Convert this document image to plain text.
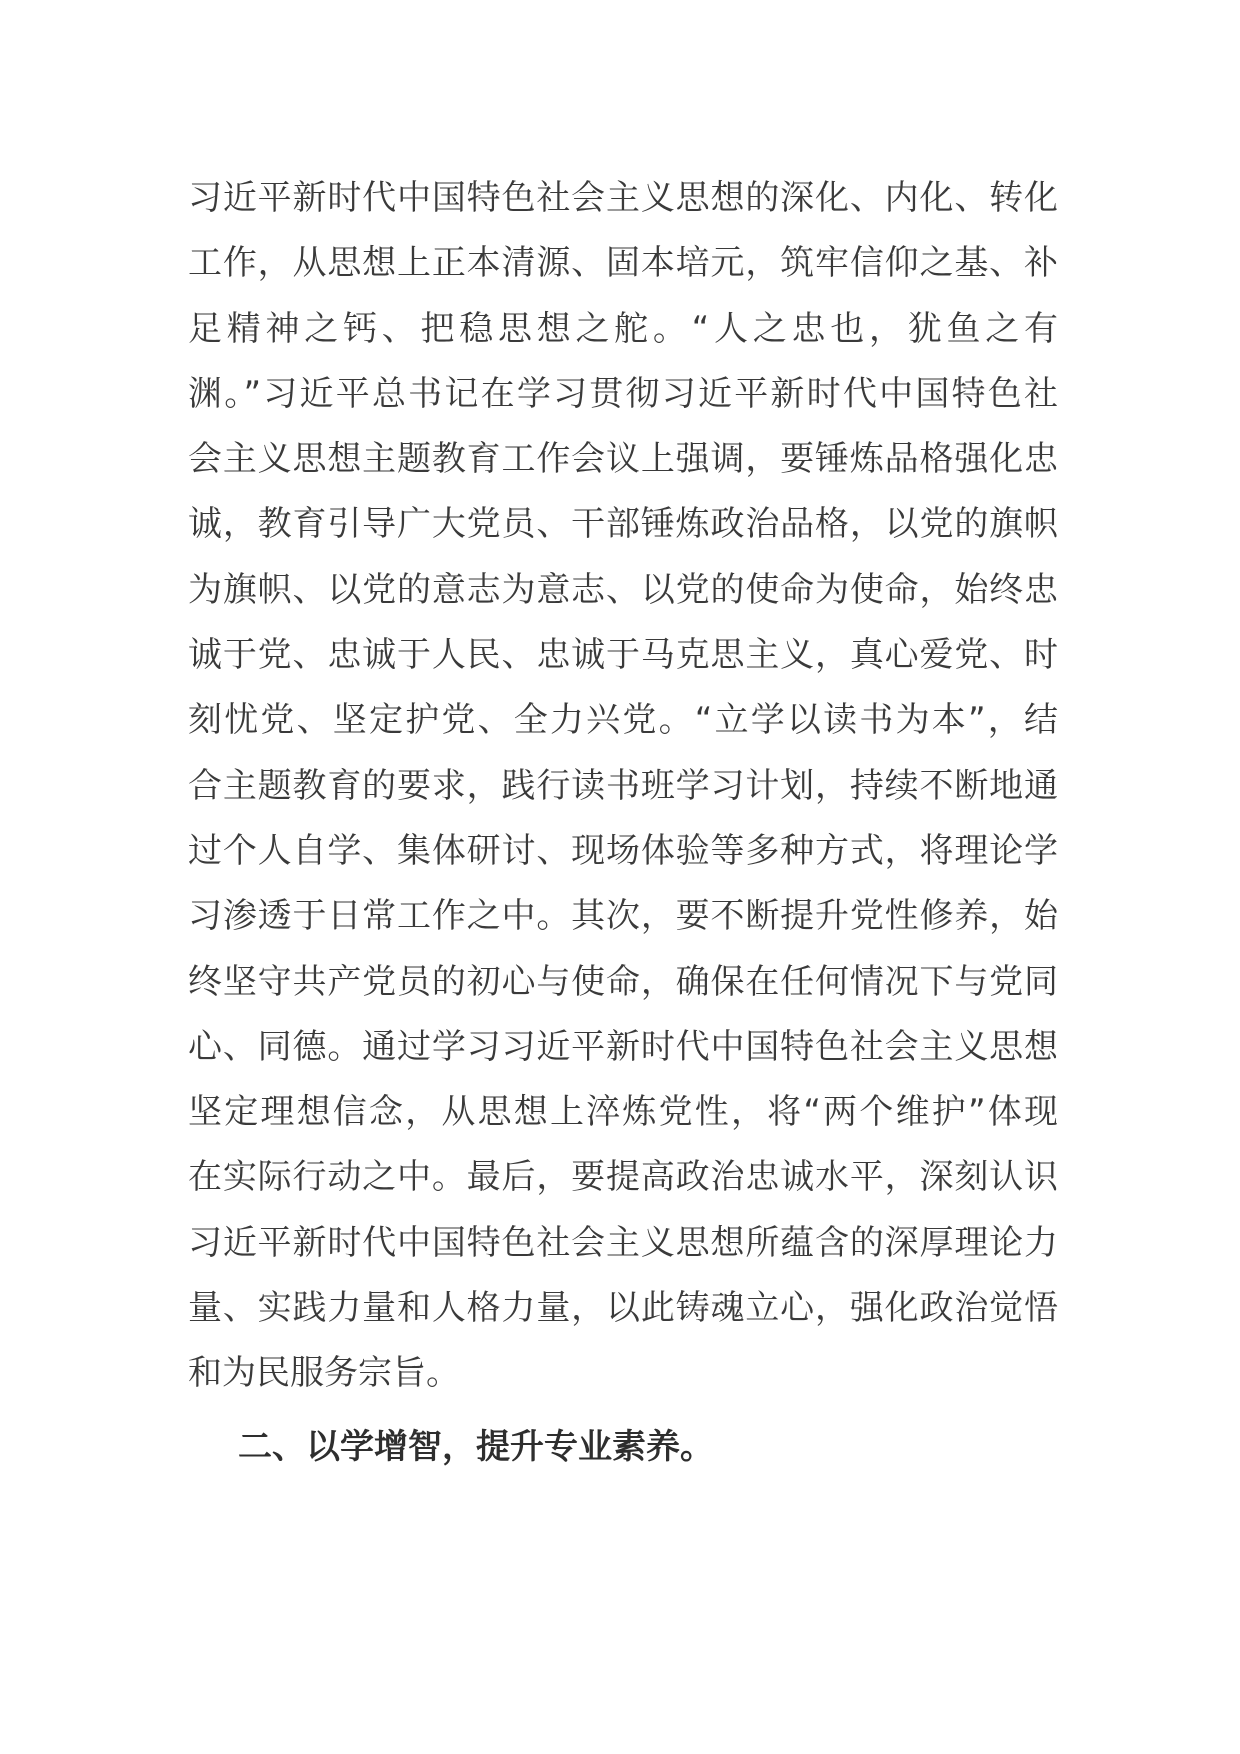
习近平新时代中国特色社会主义思想的深化、内化、转化
工作，从思想上正本清源、固本培元，筑牢信仰之基、补
足精神之钙、把稳思想之舵。“人之忠也，犹鱼之有
渊。”习近平总书记在学习贯彻习近平新时代中国特色社
会主义思想主题教育工作会议上强调，要锤炼品格强化忠
诚，教育引导广大党员、干部锤炼政治品格，以党的旗帜
为旗帜、以党的意志为意志、以党的使命为使命，始终忠
诚于党、忠诚于人民、忠诚于马克思主义，真心爱党、时
刻忧党、坚定护党、全力兴党。“立学以读书为本”，结
合主题教育的要求，践行读书班学习计划，持续不断地通
过个人自学、集体研讨、现场体验等多种方式，将理论学
习渗透于日常工作之中。其次，要不断提升党性修养，始
终坚守共产党员的初心与使命，确保在任何情况下与党同
心、同德。通过学习习近平新时代中国特色社会主义思想
坚定理想信念，从思想上淬炼党性，将“两个维护”体现
在实际行动之中。最后，要提高政治忠诚水平，深刻认识
习近平新时代中国特色社会主义思想所蕴含的深厚理论力
量、实践力量和人格力量，以此铸魂立心，强化政治觉悟
和为民服务宗旨。
二、以学增智，提升专业素养。
